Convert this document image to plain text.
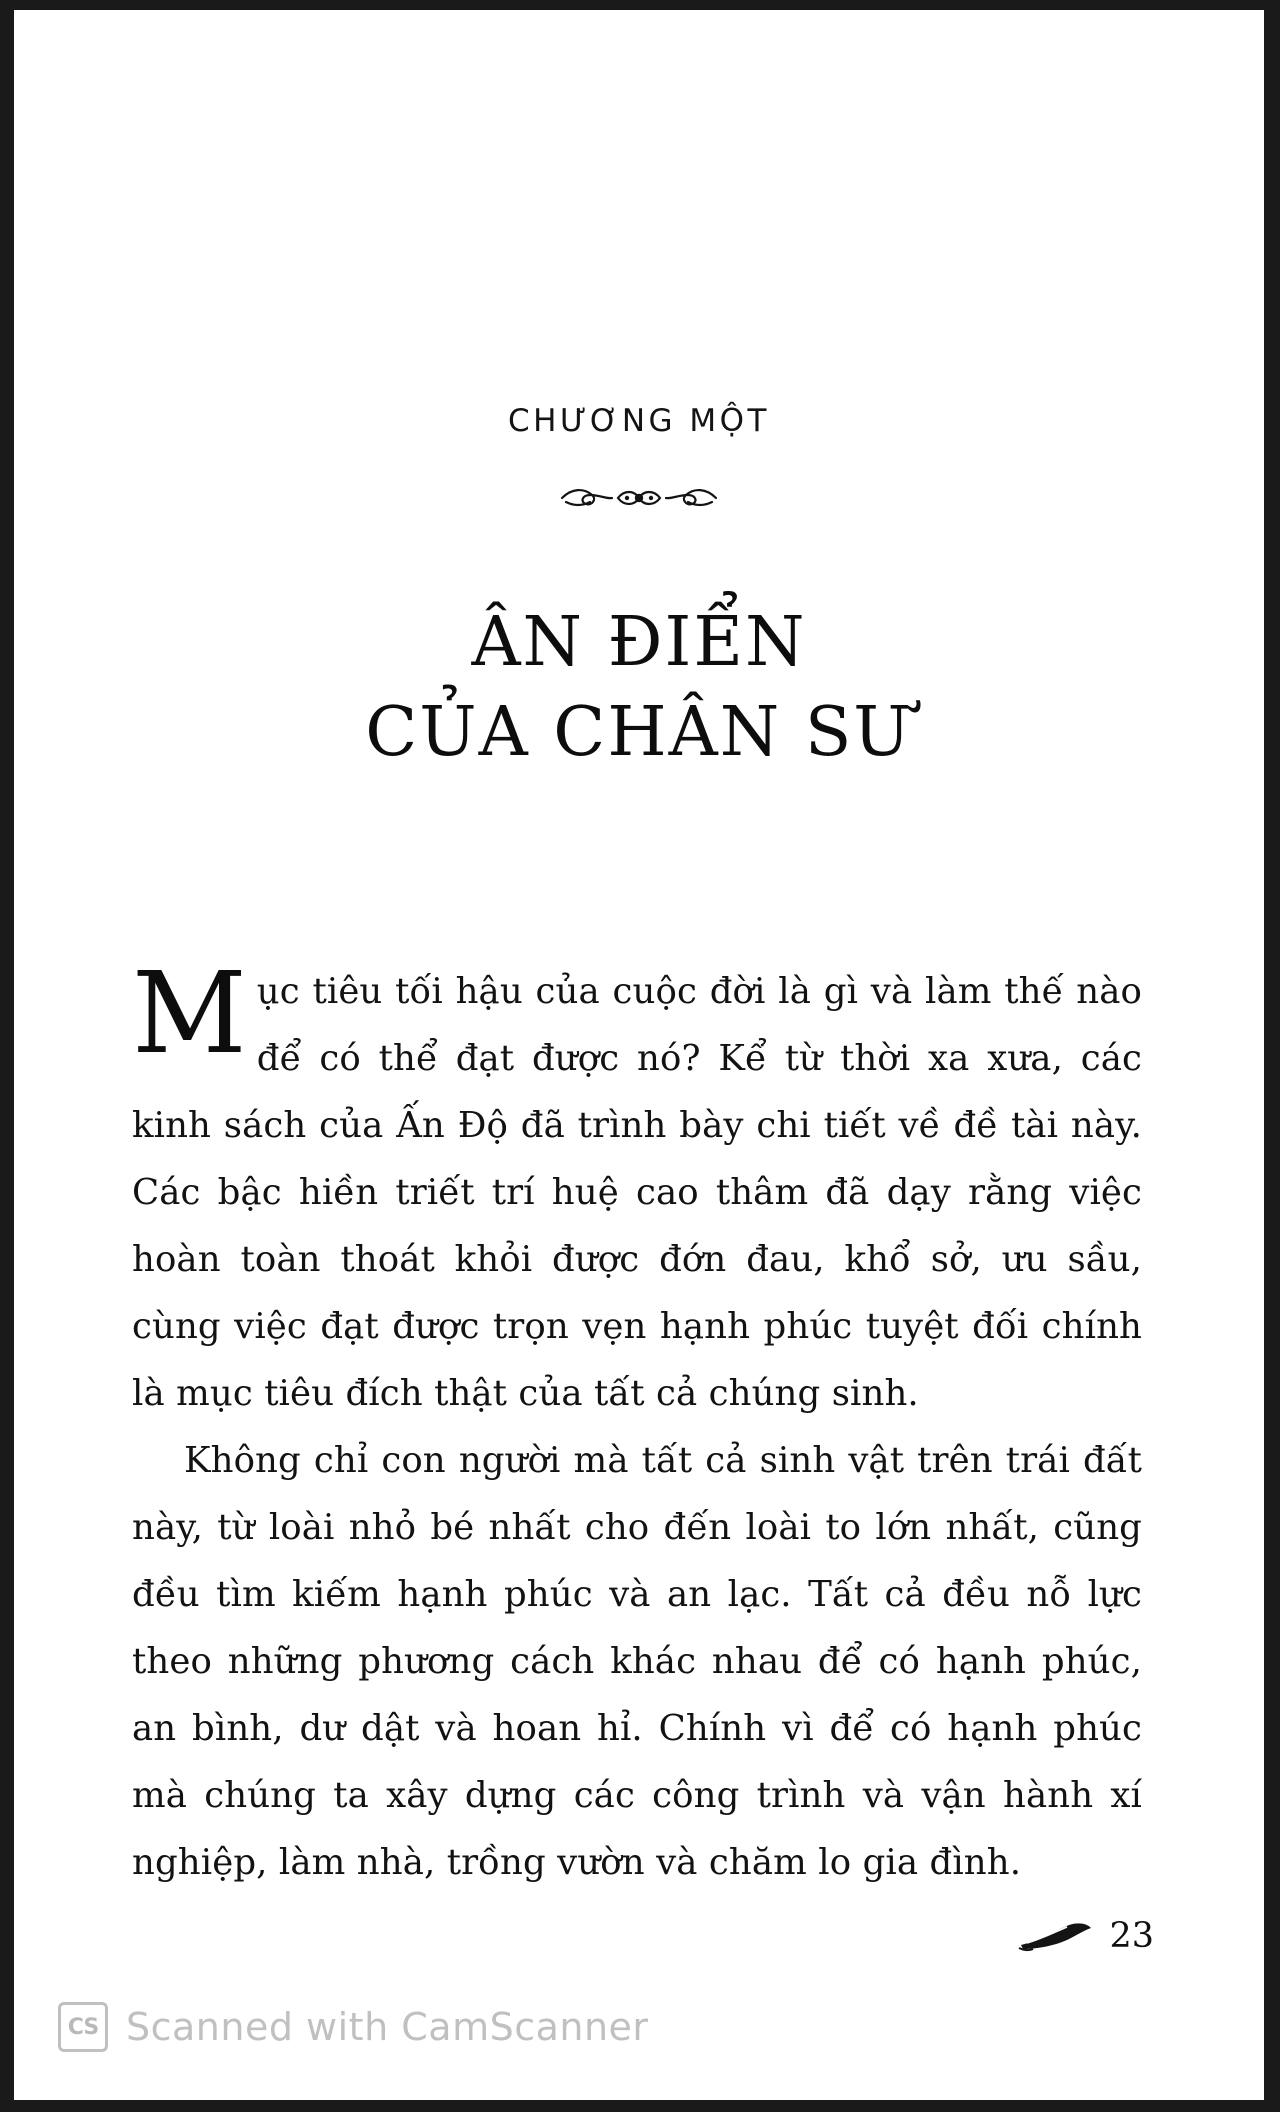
CHƯƠNG MỘT
ÂN ĐIỂN
CỦA CHÂN SƯ

Mục tiêu tối hậu của cuộc đời là gì và làm thế nào để có thể đạt được nó? Kể từ thời xa xưa, các kinh sách của Ấn Độ đã trình bày chi tiết về đề tài này. Các bậc hiền triết trí huệ cao thâm đã dạy rằng việc hoàn toàn thoát khỏi được đớn đau, khổ sở, ưu sầu, cùng việc đạt được trọn vẹn hạnh phúc tuyệt đối chính là mục tiêu đích thật của tất cả chúng sinh.

Không chỉ con người mà tất cả sinh vật trên trái đất này, từ loài nhỏ bé nhất cho đến loài to lớn nhất, cũng đều tìm kiếm hạnh phúc và an lạc. Tất cả đều nỗ lực theo những phương cách khác nhau để có hạnh phúc, an bình, dư dật và hoan hỉ. Chính vì để có hạnh phúc mà chúng ta xây dựng các công trình và vận hành xí nghiệp, làm nhà, trồng vườn và chăm lo gia đình.

23
CS Scanned with CamScanner
